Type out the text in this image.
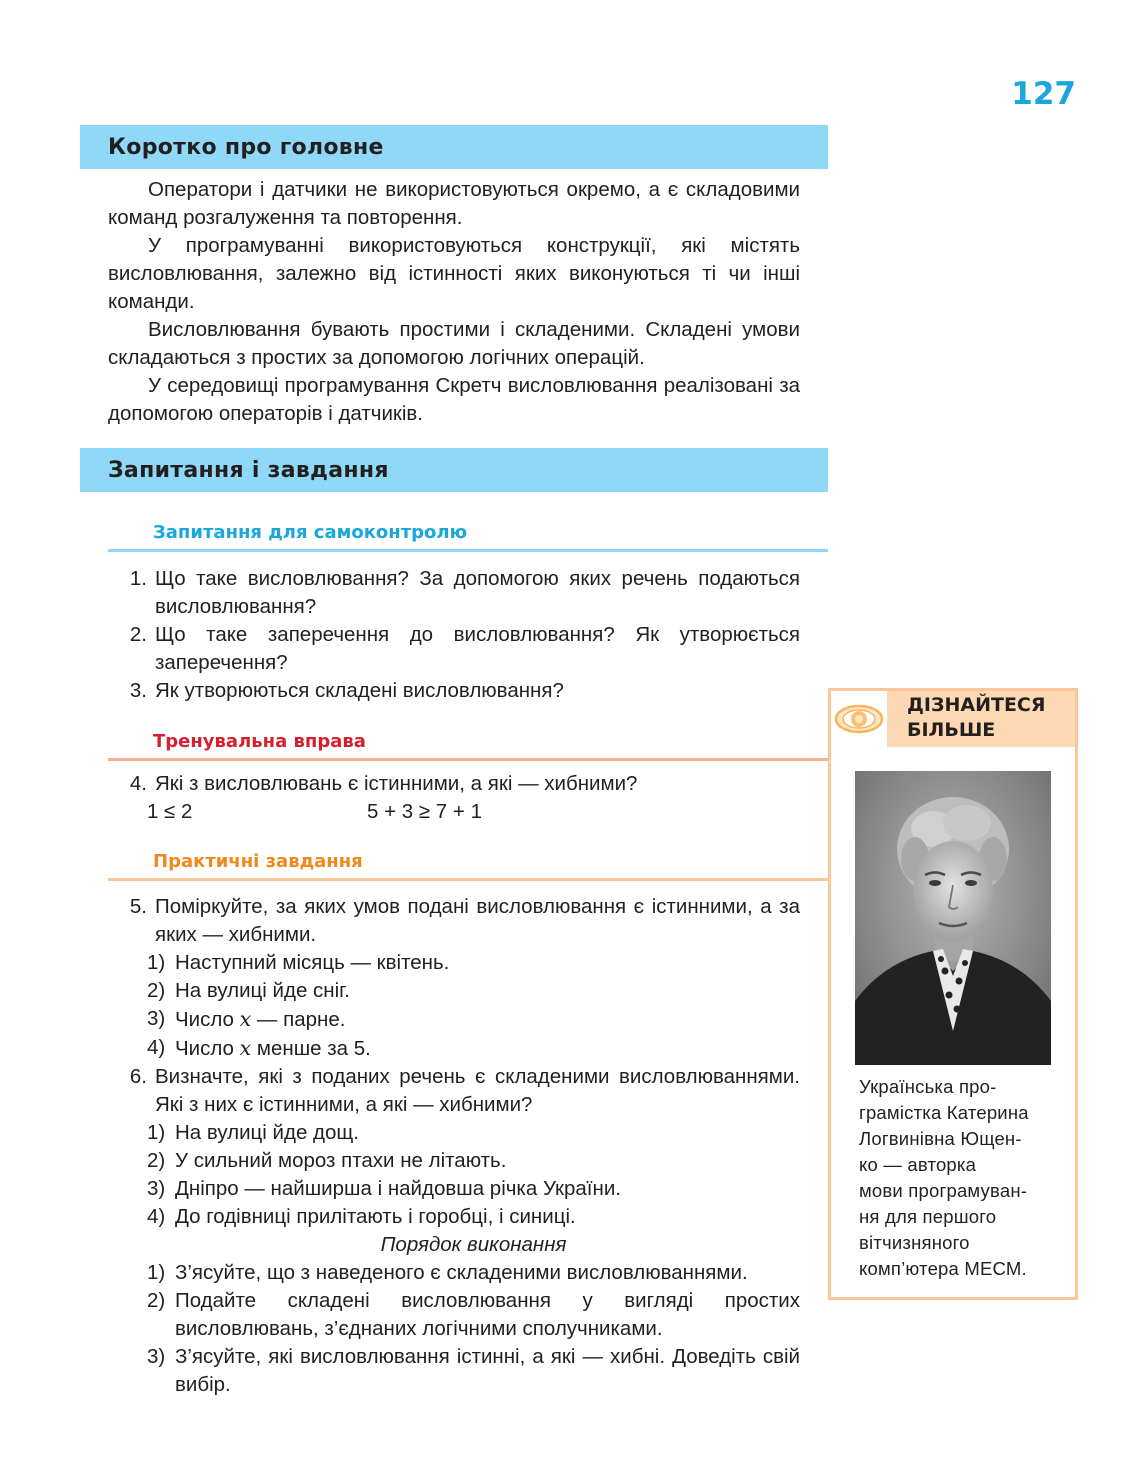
127
Коротко про головне

Оператори і датчики не використовуються окремо, а є складовими команд розгалуження та повторення.

У програмуванні використовуються конструкції, які містять висловлювання, залежно від істинності яких виконуються ті чи інші команди.

Висловлювання бувають простими і складеними. Складені умови складаються з простих за допомогою логічних операцій.

У середовищі програмування Скретч висловлювання реалізовані за допомогою операторів і датчиків.

Запитання і завдання
Запитання для самоконтролю
1. Що таке висловлювання? За допомогою яких речень подаються висловлювання?
2. Що таке заперечення до висловлювання? Як утворюється заперечення?
3. Як утворюються складені висловлювання?
Тренувальна вправа
4. Які з висловлювань є істинними, а які — хибними?
1 ≤ 2	5 + 3 ≥ 7 + 1
Практичні завдання
5. Поміркуйте, за яких умов подані висловлювання є істинними, а за яких — хибними.
1) Наступний місяць — квітень.
2) На вулиці йде сніг.
3) Число x — парне.
4) Число x менше за 5.
6. Визначте, які з поданих речень є складеними висловлюваннями. Які з них є істинними, а які — хибними?
1) На вулиці йде дощ.
2) У сильний мороз птахи не літають.
3) Дніпро — найширша і найдовша річка України.
4) До годівниці прилітають і горобці, і синиці.
Порядок виконання
1) З’ясуйте, що з наведеного є складеними висловлюваннями.
2) Подайте складені висловлювання у вигляді простих висловлювань, з’єднаних логічними сполучниками.
3) З’ясуйте, які висловлювання істинні, а які — хибні. Доведіть свій вибір.
ДІЗНАЙТЕСЯ
БІЛЬШЕ
Українська про-
грамістка Катерина
Логвинівна Ющен-
ко — авторка
мови програмуван-
ня для першого
вітчизняного
комп’ютера МЕСМ.
